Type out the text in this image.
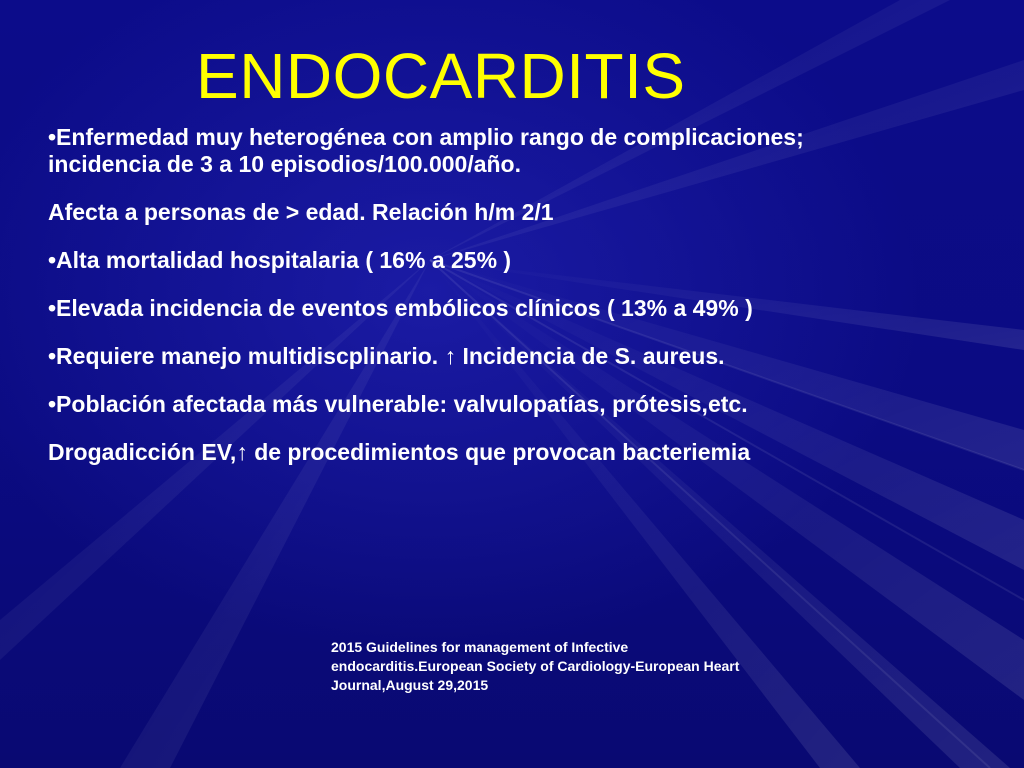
ENDOCARDITIS

•Enfermedad muy heterogénea con amplio rango de complicaciones;
incidencia de 3 a 10 episodios/100.000/año.

Afecta a personas de > edad. Relación h/m 2/1

•Alta mortalidad hospitalaria ( 16% a 25% )

•Elevada incidencia de eventos embólicos clínicos ( 13% a 49% )

•Requiere manejo multidiscplinario. ↑ Incidencia de S. aureus.

•Población afectada más vulnerable: valvulopatías, prótesis,etc.

Drogadicción EV,↑ de procedimientos que provocan bacteriemia

2015 Guidelines for management of Infective
endocarditis.European Society of Cardiology-European Heart
Journal,August 29,2015
